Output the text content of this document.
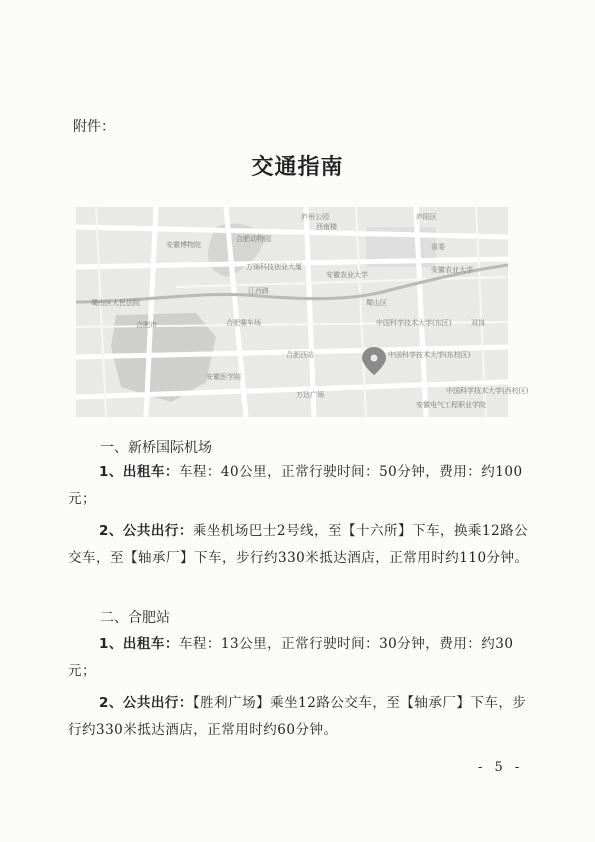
附件：
交通指南
庐州公园	庐阳区
安徽博物院
合肥动物园
西南楼
万锦科技创业大厦
安徽农业大学
安徽农业大学
省委
蜀山区人民法院	蜀山区
中国科学技术大学(东区)
中国科学技术大学(西校区)
合肥赛车场
合肥西站
安徽医学院
安徽电气工程职业学院
万达广场
合肥市
江西路
双岗
中国科学技术大学(东校区)
一、新桥国际机场
1、出租车：车程：40公里，正常行驶时间：50分钟，费用：约100元；
2、公共出行：乘坐机场巴士2号线，至【十六所】下车，换乘12路公交车，至【轴承厂】下车，步行约330米抵达酒店，正常用时约110分钟。
二、合肥站
1、出租车：车程：13公里，正常行驶时间：30分钟，费用：约30元；
2、公共出行：【胜利广场】乘坐12路公交车，至【轴承厂】下车，步行约330米抵达酒店，正常用时约60分钟。
- 5 -
